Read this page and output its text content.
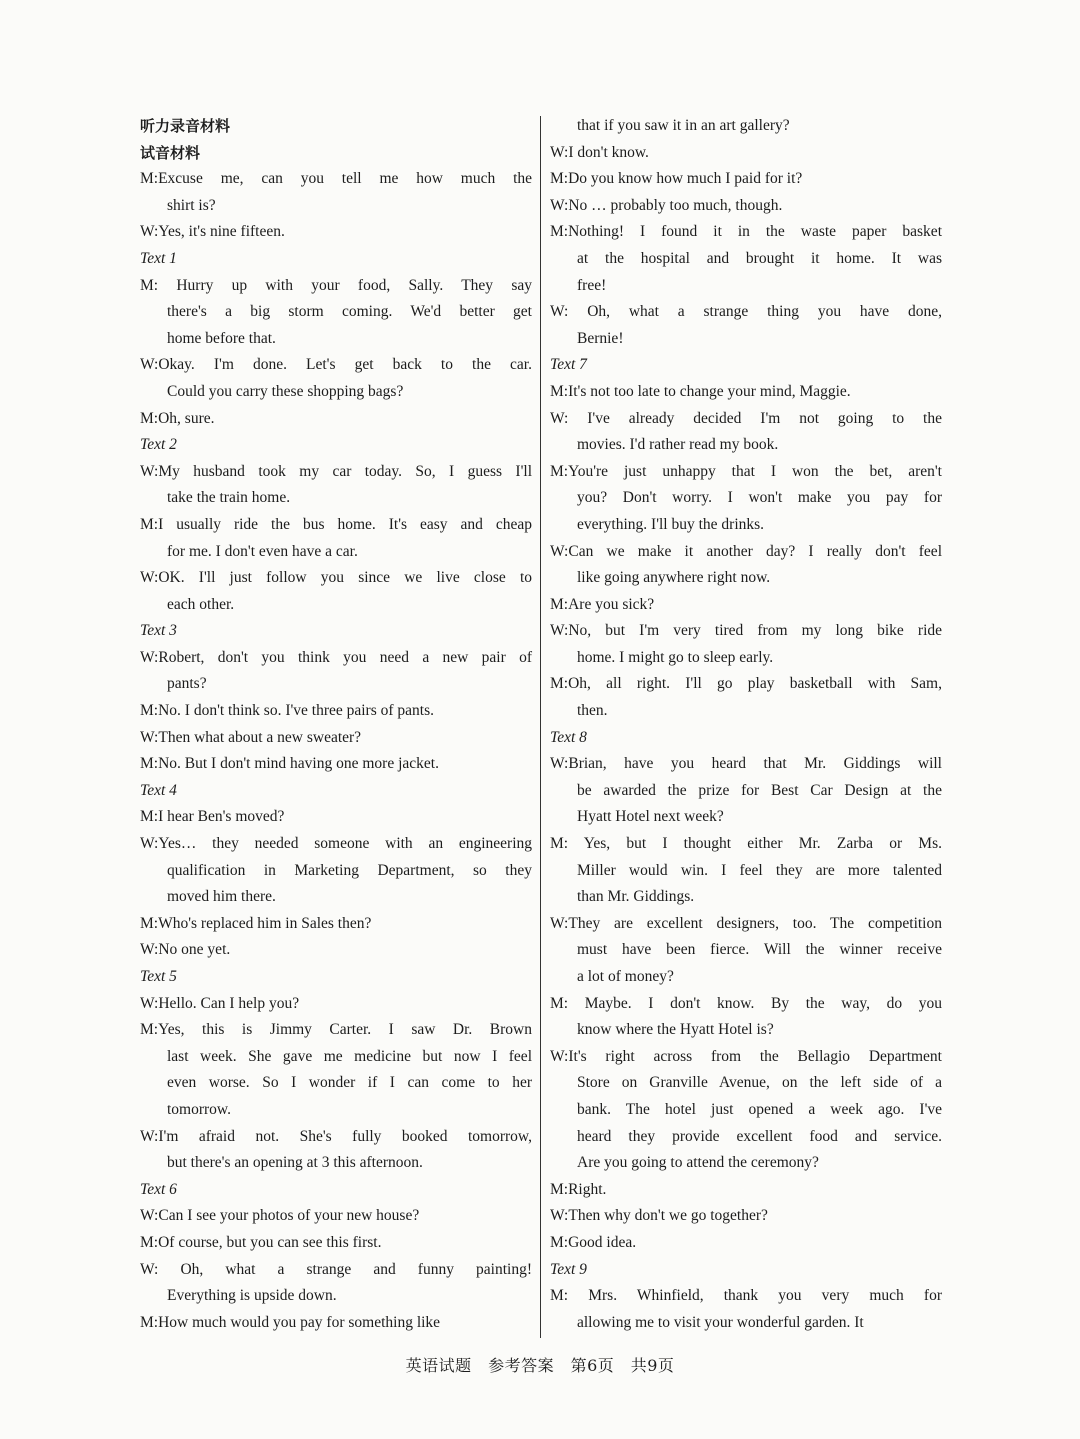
听力录音材料
试音材料
M:Excuse me, can you tell me how much the
shirt is?
W:Yes, it's nine fifteen.
Text 1
M: Hurry up with your food, Sally. They say
there's a big storm coming. We'd better get
home before that.
W:Okay. I'm done. Let's get back to the car.
Could you carry these shopping bags?
M:Oh, sure.
Text 2
W:My husband took my car today. So, I guess I'll
take the train home.
M:I usually ride the bus home. It's easy and cheap
for me. I don't even have a car.
W:OK. I'll just follow you since we live close to
each other.
Text 3
W:Robert, don't you think you need a new pair of
pants?
M:No. I don't think so. I've three pairs of pants.
W:Then what about a new sweater?
M:No. But I don't mind having one more jacket.
Text 4
M:I hear Ben's moved?
W:Yes… they needed someone with an engineering
qualification in Marketing Department, so they
moved him there.
M:Who's replaced him in Sales then?
W:No one yet.
Text 5
W:Hello. Can I help you?
M:Yes, this is Jimmy Carter. I saw Dr. Brown
last week. She gave me medicine but now I feel
even worse. So I wonder if I can come to her
tomorrow.
W:I'm afraid not. She's fully booked tomorrow,
but there's an opening at 3 this afternoon.
Text 6
W:Can I see your photos of your new house?
M:Of course, but you can see this first.
W: Oh, what a strange and funny painting!
Everything is upside down.
M:How much would you pay for something like
that if you saw it in an art gallery?
W:I don't know.
M:Do you know how much I paid for it?
W:No … probably too much, though.
M:Nothing! I found it in the waste paper basket
at the hospital and brought it home. It was
free!
W: Oh, what a strange thing you have done,
Bernie!
Text 7
M:It's not too late to change your mind, Maggie.
W: I've already decided I'm not going to the
movies. I'd rather read my book.
M:You're just unhappy that I won the bet, aren't
you? Don't worry. I won't make you pay for
everything. I'll buy the drinks.
W:Can we make it another day? I really don't feel
like going anywhere right now.
M:Are you sick?
W:No, but I'm very tired from my long bike ride
home. I might go to sleep early.
M:Oh, all right. I'll go play basketball with Sam,
then.
Text 8
W:Brian, have you heard that Mr. Giddings will
be awarded the prize for Best Car Design at the
Hyatt Hotel next week?
M: Yes, but I thought either Mr. Zarba or Ms.
Miller would win. I feel they are more talented
than Mr. Giddings.
W:They are excellent designers, too. The competition
must have been fierce. Will the winner receive
a lot of money?
M: Maybe. I don't know. By the way, do you
know where the Hyatt Hotel is?
W:It's right across from the Bellagio Department
Store on Granville Avenue, on the left side of a
bank. The hotel just opened a week ago. I've
heard they provide excellent food and service.
Are you going to attend the ceremony?
M:Right.
W:Then why don't we go together?
M:Good idea.
Text 9
M: Mrs. Whinfield, thank you very much for
allowing me to visit your wonderful garden. It
英语试题　参考答案　第6页　共9页
